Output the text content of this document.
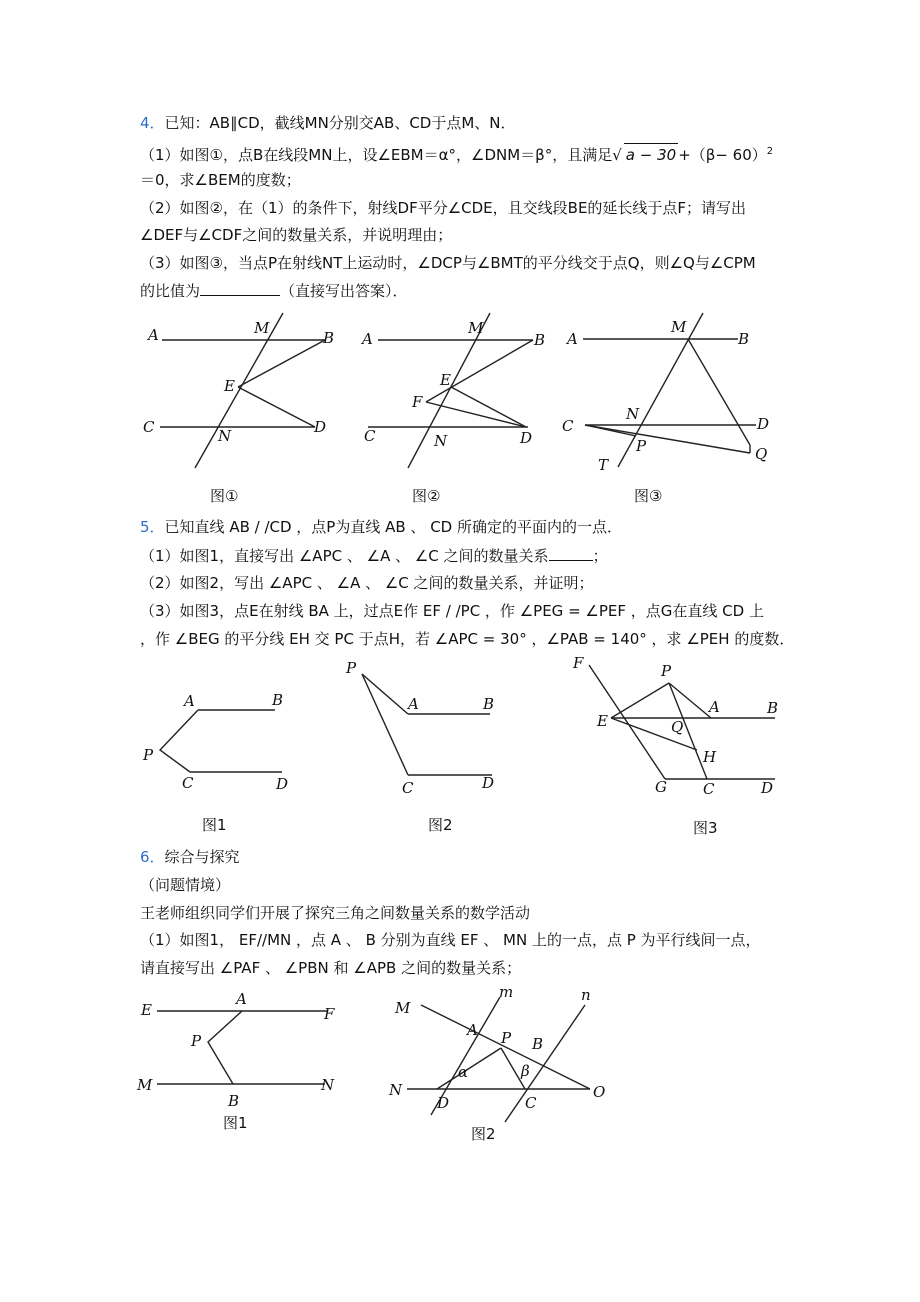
4．已知：AB∥CD，截线MN分别交AB、CD于点M、N．
（1）如图①，点B在线段MN上，设∠EBM＝α°，∠DNM＝β°，且满足√ $a - 30 +(\beta- 60)^2$
＝0，求∠BEM的度数；
（2）如图②，在（1）的条件下，射线DF平分∠CDE，且交线段BE的延长线于点F；请写出
∠DEF与∠CDF之间的数量关系，并说明理由；
（3）如图③，当点P在射线NT上运动时，∠DCP与∠BMT的平分线交于点Q，则∠Q与∠CPM
的比值为	（直接写出答案）．
A	M
B
E
C	N	D
图①
A
M
B
E
F
C	N	D
图②
A
M
B
N
C	D
P	Q
T
图③
5．已知直线 AB / /CD ，点P为直线 AB 、 CD 所确定的平面内的一点．
（1）如图1，直接写出 ∠APC 、 ∠A 、 ∠C 之间的数量关系	；
（2）如图2，写出 ∠APC 、 ∠A 、 ∠C 之间的数量关系，并证明；
（3）如图3，点E在射线 BA 上，过点E作 EF / /PC ，作 ∠PEG = ∠PEF ，点G在直线 CD 上
，作 ∠BEG 的平分线 EH 交 PC 于点H，若 ∠APC = 30° ，∠PAB = 140° ，求 ∠PEH 的度数．
A	B
P
C	D
图1
P
A	B
C	D
图2
F	P
A	B
E	Q
H
G C	D
图3
6．综合与探究
（问题情境）
王老师组织同学们开展了探究三角之间数量关系的数学活动
（1）如图1， EF//MN ，点 A 、 B 分别为直线 EF 、 MN 上的一点，点 P 为平行线间一点，
请直接写出 ∠PAF 、 ∠PBN 和 ∠APB 之间的数量关系；
E
A
F
P
M
B
N
图1
M
m	n
A P B
α	β
N
D	C
O
图2
